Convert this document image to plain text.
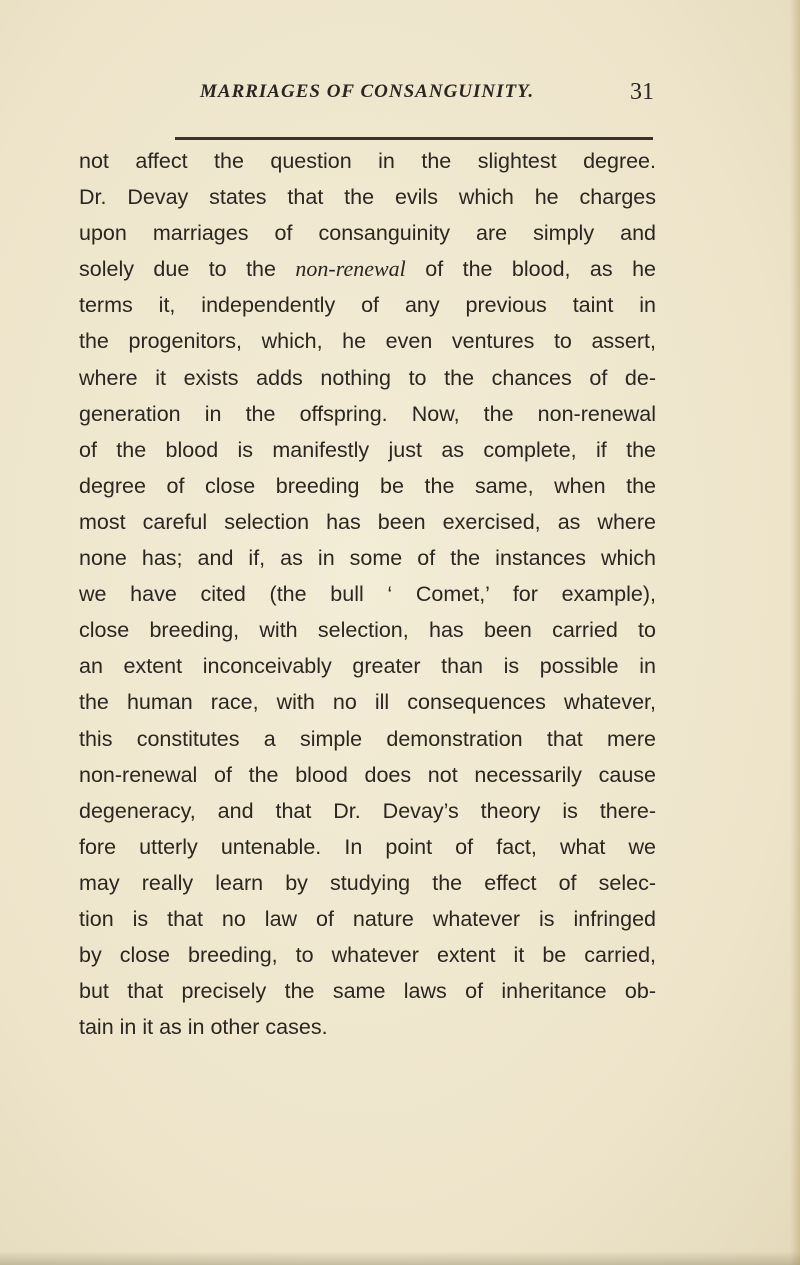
MARRIAGES OF CONSANGUINITY.	31
not affect the question in the slightest degree.
Dr. Devay states that the evils which he charges
upon marriages of consanguinity are simply and
solely due to the non-renewal of the blood, as he
terms it, independently of any previous taint in
the progenitors, which, he even ventures to assert,
where it exists adds nothing to the chances of de-
generation in the offspring. Now, the non-renewal
of the blood is manifestly just as complete, if the
degree of close breeding be the same, when the
most careful selection has been exercised, as where
none has; and if, as in some of the instances which
we have cited (the bull ‘ Comet,’ for example),
close breeding, with selection, has been carried to
an extent inconceivably greater than is possible in
the human race, with no ill consequences whatever,
this constitutes a simple demonstration that mere
non-renewal of the blood does not necessarily cause
degeneracy, and that Dr. Devay’s theory is there-
fore utterly untenable. In point of fact, what we
may really learn by studying the effect of selec-
tion is that no law of nature whatever is infringed
by close breeding, to whatever extent it be carried,
but that precisely the same laws of inheritance ob-
tain in it as in other cases.
